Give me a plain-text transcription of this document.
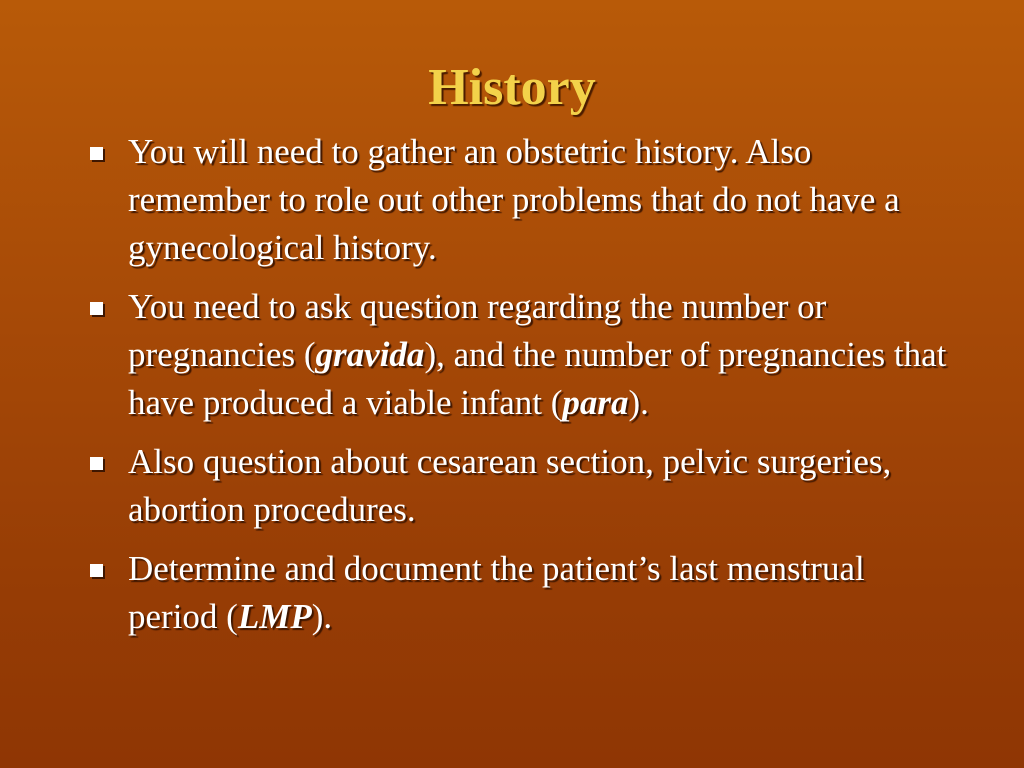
History
You will need to gather an obstetric history. Also remember to role out other problems that do not have a gynecological history.
You need to ask question regarding the number or pregnancies (gravida), and the number of pregnancies that have produced a viable infant (para).
Also question about cesarean section, pelvic surgeries, abortion procedures.
Determine and document the patient’s last menstrual period (LMP).
